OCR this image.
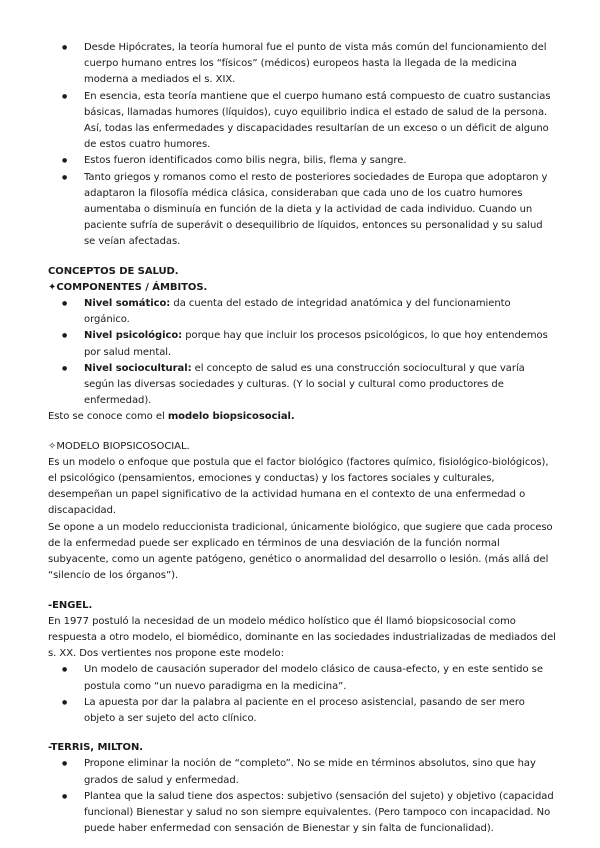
● Desde Hipócrates, la teoría humoral fue el punto de vista más común del funcionamiento del cuerpo humano entres los “físicos” (médicos) europeos hasta la llegada de la medicina moderna a mediados el s. XIX.
● En esencia, esta teoría mantiene que el cuerpo humano está compuesto de cuatro sustancias básicas, llamadas humores (líquidos), cuyo equilibrio indica el estado de salud de la persona. Así, todas las enfermedades y discapacidades resultarían de un exceso o un déficit de alguno de estos cuatro humores.
● Estos fueron identificados como bilis negra, bilis, flema y sangre.
● Tanto griegos y romanos como el resto de posteriores sociedades de Europa que adoptaron y adaptaron la filosofía médica clásica, consideraban que cada uno de los cuatro humores aumentaba o disminuía en función de la dieta y la actividad de cada individuo. Cuando un paciente sufría de superávit o desequilibrio de líquidos, entonces su personalidad y su salud se veían afectadas.

CONCEPTOS DE SALUD.

✦COMPONENTES / ÁMBITOS.

● Nivel somático: da cuenta del estado de integridad anatómica y del funcionamiento orgánico.
● Nivel psicológico: porque hay que incluir los procesos psicológicos, lo que hoy entendemos por salud mental.
● Nivel sociocultural: el concepto de salud es una construcción sociocultural y que varía según las diversas sociedades y culturas. (Y lo social y cultural como productores de enfermedad).

Esto se conoce como el modelo biopsicosocial.

✧MODELO BIOPSICOSOCIAL.

Es un modelo o enfoque que postula que el factor biológico (factores químico, fisiológico-biológicos), el psicológico (pensamientos, emociones y conductas) y los factores sociales y culturales, desempeñan un papel significativo de la actividad humana en el contexto de una enfermedad o discapacidad.

Se opone a un modelo reduccionista tradicional, únicamente biológico, que sugiere que cada proceso de la enfermedad puede ser explicado en términos de una desviación de la función normal subyacente, como un agente patógeno, genético o anormalidad del desarrollo o lesión. (más allá del “silencio de los órganos”).

-ENGEL.

En 1977 postuló la necesidad de un modelo médico holístico que él llamó biopsicosocial como respuesta a otro modelo, el biomédico, dominante en las sociedades industrializadas de mediados del s. XX. Dos vertientes nos propone este modelo:

● Un modelo de causación superador del modelo clásico de causa-efecto, y en este sentido se postula como “un nuevo paradigma en la medicina”.
● La apuesta por dar la palabra al paciente en el proceso asistencial, pasando de ser mero objeto a ser sujeto del acto clínico.

-TERRIS, MILTON.

● Propone eliminar la noción de “completo”. No se mide en términos absolutos, sino que hay grados de salud y enfermedad.
● Plantea que la salud tiene dos aspectos: subjetivo (sensación del sujeto) y objetivo (capacidad funcional) Bienestar y salud no son siempre equivalentes. (Pero tampoco con incapacidad. No puede haber enfermedad con sensación de Bienestar y sin falta de funcionalidad).
